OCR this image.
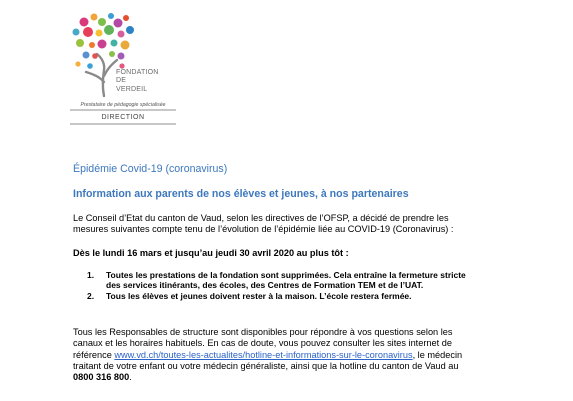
FONDATION
DE
VERDEIL
Prestataire de pédagogie spécialisée
DIRECTION
Épidémie Covid-19 (coronavirus)
Information aux parents de nos élèves et jeunes, à nos partenaires

Le Conseil d’Etat du canton de Vaud, selon les directives de l’OFSP, a décidé de prendre les
mesures suivantes compte tenu de l’évolution de l’épidémie liée au COVID-19 (Coronavirus) :

Dès le lundi 16 mars et jusqu’au jeudi 30 avril 2020 au plus tôt :
1. Toutes les prestations de la fondation sont supprimées. Cela entraîne la fermeture stricte
des services itinérants, des écoles, des Centres de Formation TEM et de l’UAT.
2. Tous les élèves et jeunes doivent rester à la maison. L’école restera fermée.

Tous les Responsables de structure sont disponibles pour répondre à vos questions selon les
canaux et les horaires habituels. En cas de doute, vous pouvez consulter les sites internet de
référence www.vd.ch/toutes-les-actualites/hotline-et-informations-sur-le-coronavirus, le médecin
traitant de votre enfant ou votre médecin généraliste, ainsi que la hotline du canton de Vaud au
0800 316 800.
